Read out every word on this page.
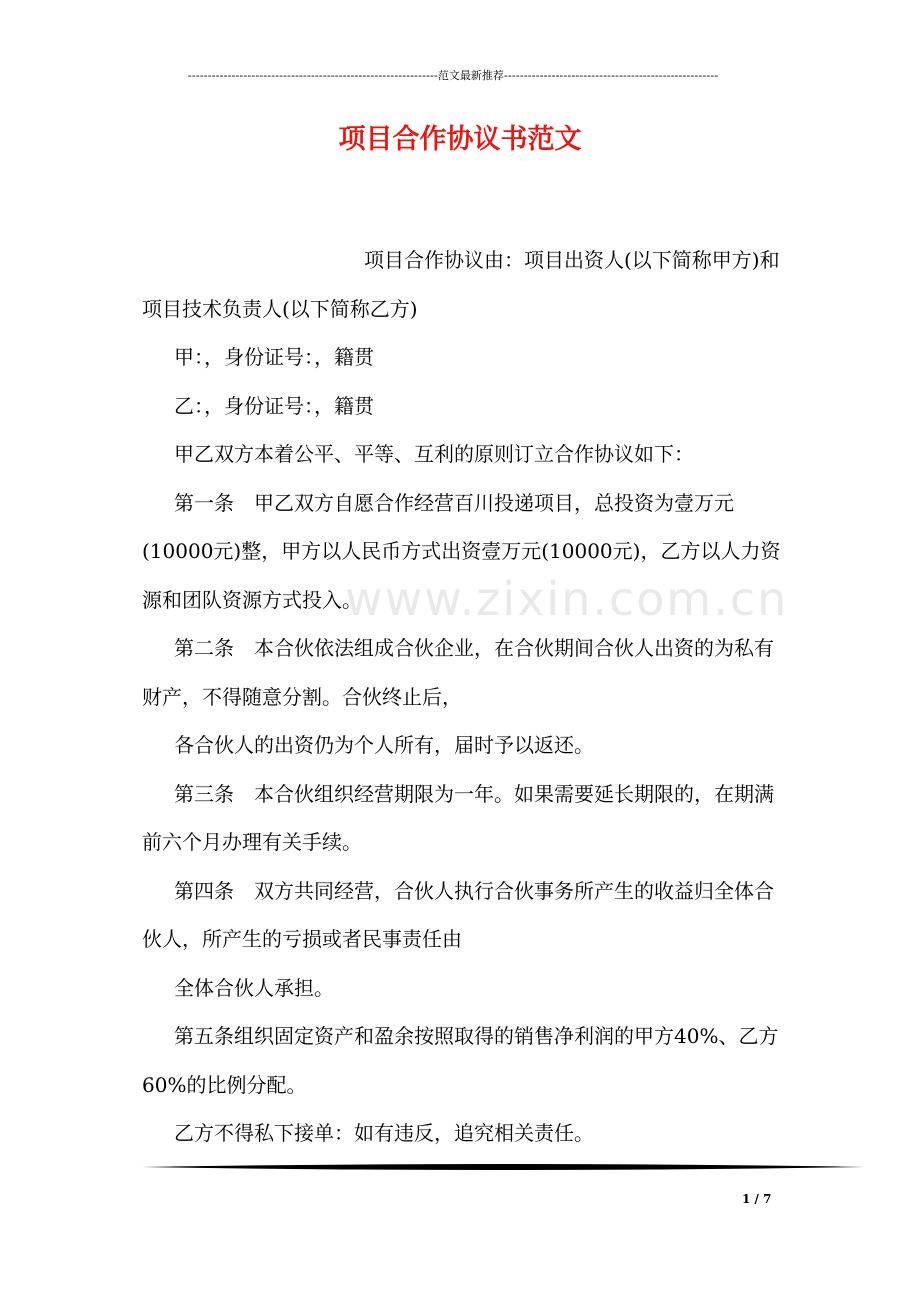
---------------------------------------------------------------范文最新推荐------------------------------------------------------
项目合作协议书范文
www.zixin.com.cn

项目合作协议由：项目出资人(以下简称甲方)和项目技术负责人(以下简称乙方)

甲：，身份证号：，籍贯

乙：，身份证号：，籍贯

甲乙双方本着公平、平等、互利的原则订立合作协议如下：

第一条　甲乙双方自愿合作经营百川投递项目，总投资为壹万元(10000元)整，甲方以人民币方式出资壹万元(10000元)，乙方以人力资源和团队资源方式投入。

第二条　本合伙依法组成合伙企业，在合伙期间合伙人出资的为私有财产，不得随意分割。合伙终止后，

各合伙人的出资仍为个人所有，届时予以返还。

第三条　本合伙组织经营期限为一年。如果需要延长期限的，在期满前六个月办理有关手续。

第四条　双方共同经营，合伙人执行合伙事务所产生的收益归全体合伙人，所产生的亏损或者民事责任由

全体合伙人承担。

第五条组织固定资产和盈余按照取得的销售净利润的甲方40%、乙方60%的比例分配。

乙方不得私下接单：如有违反，追究相关责任。

1 / 7
